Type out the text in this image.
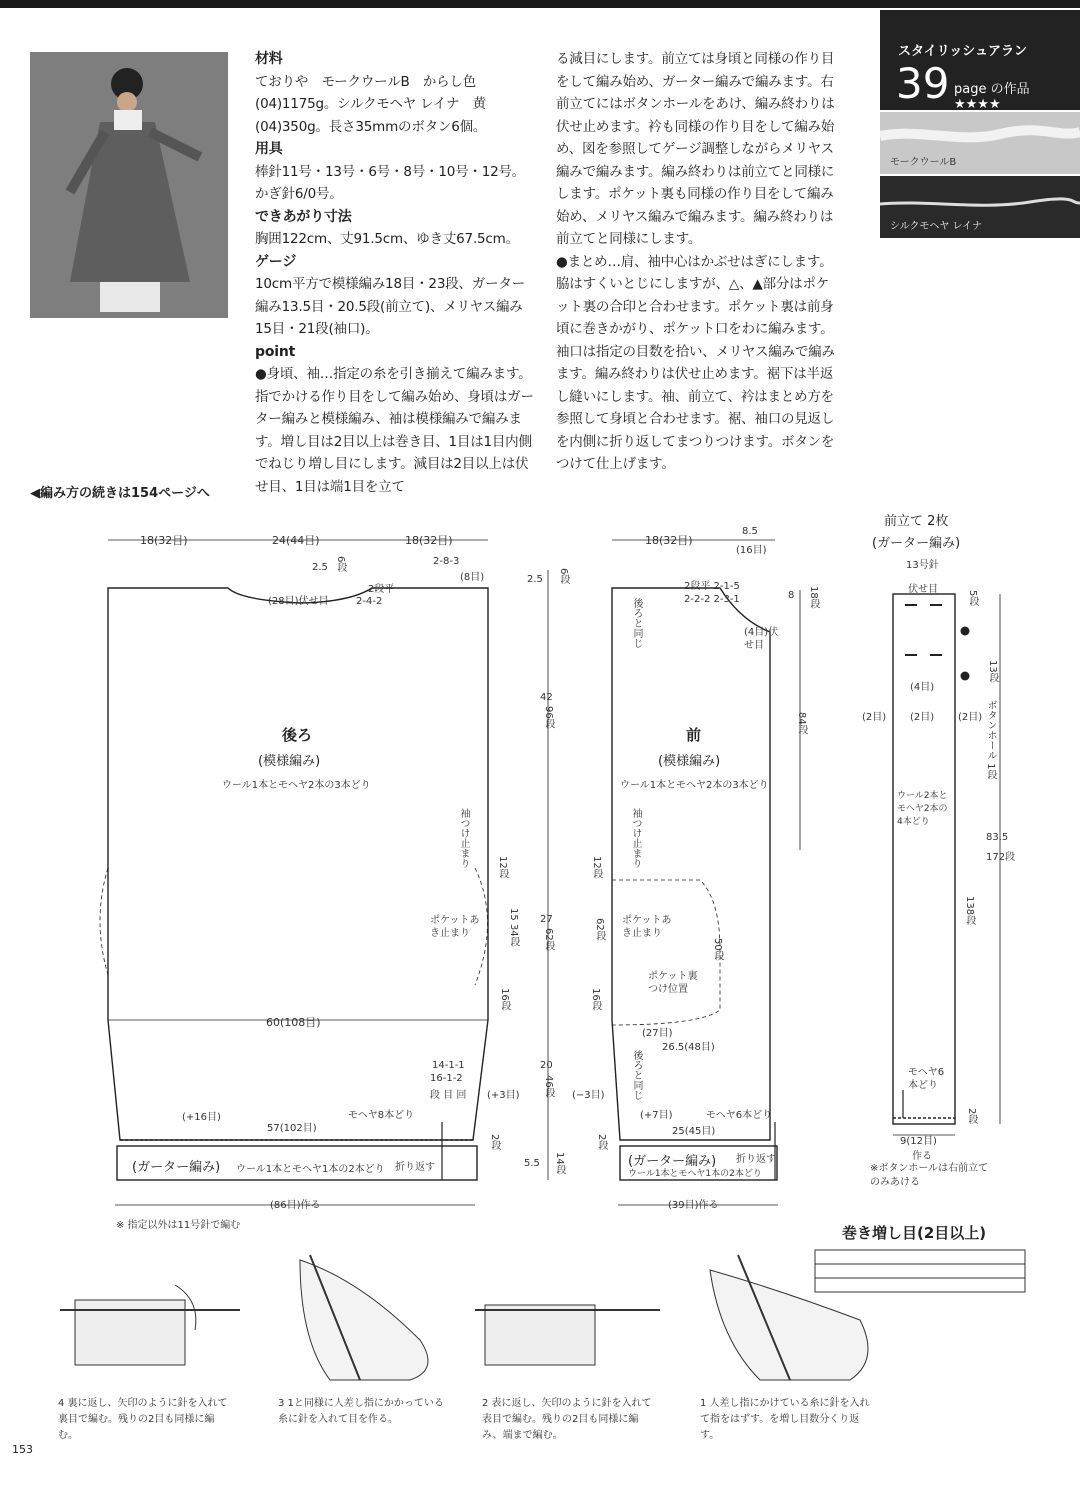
材料

ておりや　モークウールB　からし色(04)1175g。シルクモヘヤ レイナ　黄(04)350g。長さ35mmのボタン6個。

用具

棒針11号・13号・6号・8号・10号・12号。かぎ針6/0号。

できあがり寸法

胸囲122cm、丈91.5cm、ゆき丈67.5cm。

ゲージ

10cm平方で模様編み18目・23段、ガーター編み13.5目・20.5段(前立て)、メリヤス編み15目・21段(袖口)。

point

●身頃、袖…指定の糸を引き揃えて編みます。指でかける作り目をして編み始め、身頃はガーター編みと模様編み、袖は模様編みで編みます。増し目は2目以上は巻き目、1目は1目内側でねじり増し目にします。減目は2目以上は伏せ目、1目は端1目を立て

る減目にします。前立ては身頃と同様の作り目をして編み始め、ガーター編みで編みます。右前立てにはボタンホールをあけ、編み終わりは伏せ止めます。衿も同様の作り目をして編み始め、図を参照してゲージ調整しながらメリヤス編みで編みます。編み終わりは前立てと同様にします。ポケット裏も同様の作り目をして編み始め、メリヤス編みで編みます。編み終わりは前立てと同様にします。

●まとめ…肩、袖中心はかぶせはぎにします。脇はすくいとじにしますが、△、▲部分はポケット裏の合印と合わせます。ポケット裏は前身頃に巻きかがり、ポケット口をわに編みます。袖口は指定の目数を拾い、メリヤス編みで編みます。編み終わりは伏せ止めます。裾下は半返し縫いにします。袖、前立て、衿はまとめ方を参照して身頃と合わせます。裾、袖口の見返しを内側に折り返してまつりつけます。ボタンをつけて仕上げます。

◀編み方の続きは154ページへ
スタイリッシュアラン
39 page の作品 ★★★★
モークウールB
シルクモヘヤ レイナ
18(32目)	24(44目)	18(32目)
2.5 6段
(28目)伏せ目
2-8-3
(8目)
2段平
2-4-2
後ろ
(模様編み)
ウール1本とモヘヤ2本の3本どり
袖つけ止まり
ポケットあき止まり
12段
15 34段
16段
60(108目)
14-1-1
16-1-2
段 目 回 (+3目)
(+16目)
57(102目)
モヘヤ8本どり
(ガーター編み) ウール1本とモヘヤ1本の2本どり 折り返す
2段
(86目)作る
※ 指定以外は11号針で編む
2.5 6段
42
96段
27
62段
20
46段
5.5 14段
(−3目)
18(32目)
8.5
(16目)
2段平 2-1-5 2-2-2 2-3-1
(4目)伏せ目
8 18段
84段
後ろと同じ
前
(模様編み)
ウール1本とモヘヤ2本の3本どり
袖つけ止まり
12段
62段
16段
ポケットあき止まり
ポケット裏つけ位置
50段
(27目)
26.5(48目)
後ろと同じ
(+7目)	モヘヤ6本どり
25(45目)
(ガーター編み)
ウール1本とモヘヤ1本の2本どり
折り返す
2段
(39目)作る
前立て 2枚
(ガーター編み)
13号針
伏せ目
5段
13段
(4目)
(2目) (2目) (2目) ボタンホール 1段
ウール2本とモヘヤ2本の4本どり
83.5
172段
138段
モヘヤ6本どり
2段
9(12目)
作る
※ボタンホールは右前立てのみあける
巻き増し目(2目以上)
4 裏に返し、矢印のように針を入れて裏目で編む。残りの2目も同様に編む。
3 1と同様に人差し指にかかっている糸に針を入れて目を作る。
2 表に返し、矢印のように針を入れて表目で編む。残りの2目も同様に編み、端まで編む。
1 人差し指にかけている糸に針を入れて指をはずす。を増し目数分くり返す。
153
